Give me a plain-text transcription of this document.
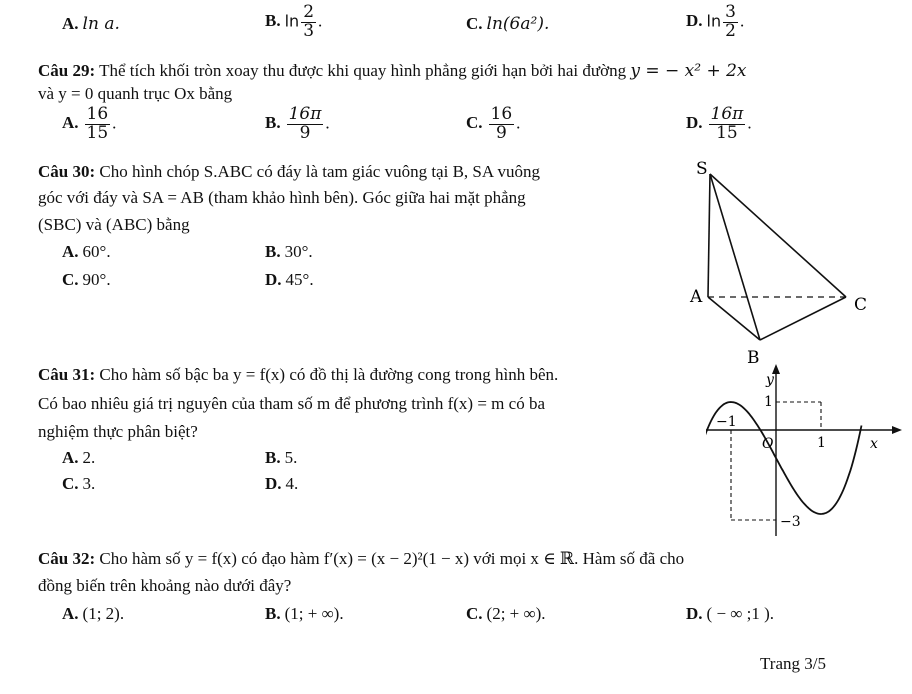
A. ln a.	B. $\ln \frac{2}{3}$ .	C. ln(6a²).	D. $\ln \frac{3}{2}$ .
Câu 29: Thể tích khối tròn xoay thu được khi quay hình phẳng giới hạn bởi hai đường y = − x² + 2x
và y = 0 quanh trục Ox bằng
A. $\frac{16}{15}$ .	B. $\frac{16\pi}{9}$ .	C. $\frac{16}{9}$ .	D. $\frac{16\pi}{15}$ .
Câu 30: Cho hình chóp S.ABC có đáy là tam giác vuông tại B, SA vuông
góc với đáy và SA = AB (tham khảo hình bên). Góc giữa hai mặt phẳng
(SBC) và (ABC) bằng
A. 60°.	B. 30°.
C. 90°.	D. 45°.
S
A
B
C
Câu 31: Cho hàm số bậc ba y = f(x) có đồ thị là đường cong trong hình bên.
Có bao nhiêu giá trị nguyên của tham số m để phương trình f(x) = m có ba
nghiệm thực phân biệt?
A. 2.	B. 5.
C. 3.	D. 4.
y
x
O
1
−1
1
−3
Câu 32: Cho hàm số y = f(x) có đạo hàm f′(x) = (x − 2)²(1 − x) với mọi x ∈ ℝ. Hàm số đã cho
đồng biến trên khoảng nào dưới đây?
A. (1; 2).	B. (1; + ∞).	C. (2; + ∞).	D. ( − ∞ ;1 ).
Trang 3/5
